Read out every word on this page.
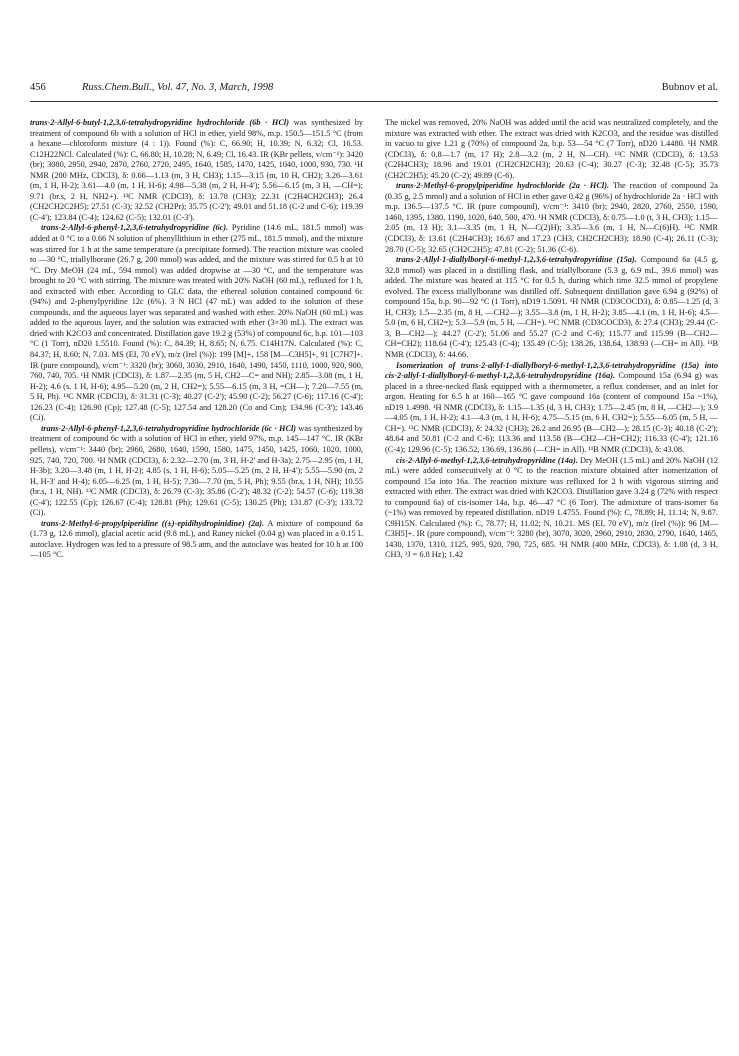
456	Russ.Chem.Bull., Vol. 47, No. 3, March, 1998	Bubnov et al.

trans-2-Allyl-6-butyl-1,2,3,6-tetrahydropyridine hydrochloride (6b · HCl) was synthesized by treatment of compound 6b with a solution of HCl in ether, yield 98%, m.p. 150.5—151.5 °C (from a hexane—chloroform mixture (4 : 1)). Found (%): C, 66.90; H, 10.39; N, 6.32; Cl, 16.53. C12H22NCl. Calculated (%): C, 66.80; H, 10.28; N, 6.49; Cl, 16.43. IR (KBr pellets, v/cm⁻¹): 3420 (br); 3080, 2950, 2940, 2870, 2760, 2720, 2495, 1640, 1585, 1470, 1425, 1040, 1000, 930, 730. ¹H NMR (200 MHz, CDCl3), δ: 0.66—1.13 (m, 3 H, CH3); 1.15—3.15 (m, 10 H, CH2); 3.26—3.61 (m, 1 H, H-2); 3.61—4.0 (m, 1 H, H-6); 4.98—5.38 (m, 2 H, H-4'); 5.56—6.15 (m, 3 H, —CH=); 9.71 (br.s, 2 H, NH2+). ¹³C NMR (CDCl3), δ: 13.78 (CH3); 22.31 (C2H4CH2CH3); 26.4 (CH2CH2C2H5); 27.51 (C-3); 32.52 (CH2Pr); 35.75 (C-2'); 49.01 and 51.18 (C-2 and C-6); 119.39 (C-4'); 123.84 (C-4); 124.62 (C-5); 132.01 (C-3').

trans-2-Allyl-6-phenyl-1,2,3,6-tetrahydropyridine (6c). Pyridine (14.6 mL, 181.5 mmol) was added at 0 °C to a 0.66 N solution of phenyllithium in ether (275 mL, 181.5 mmol), and the mixture was stirred for 1 h at the same temperature (a precipitate formed). The reaction mixture was cooled to —30 °C, triallylborane (26.7 g, 200 mmol) was added, and the mixture was stirred for 0.5 h at 10 °C. Dry MeOH (24 mL, 594 mmol) was added dropwise at —30 °C, and the temperature was brought to 20 °C with stirring. The mixture was treated with 20% NaOH (60 mL), refluxed for 1 h, and extracted with ether. According to GLC data, the ethereal solution contained compound 6c (94%) and 2-phenylpyridine 12c (6%). 3 N HCl (47 mL) was added to the solution of these compounds, and the aqueous layer was separated and washed with ether. 20% NaOH (60 mL) was added to the aqueous layer, and the solution was extracted with ether (3×30 mL). The extract was dried with K2CO3 and concentrated. Distillation gave 19.2 g (53%) of compound 6c, b.p. 101—103 °C (1 Torr), nD20 1.5510. Found (%): C, 84.39; H, 8.65; N, 6.75. C14H17N. Calculated (%): C, 84.37; H, 8.60; N, 7.03. MS (EI, 70 eV), m/z (Irel (%)): 199 [M]+, 158 [M—C3H5]+, 91 [C7H7]+. IR (pure compound), v/cm⁻¹: 3320 (br); 3060, 3030, 2910, 1640, 1490, 1450, 1110, 1000, 920, 900, 760, 740, 705. ¹H NMR (CDCl3), δ: 1.87—2.35 (m, 5 H, CH2—C= and NH); 2.85—3.08 (m, 1 H, H-2); 4.6 (s, 1 H, H-6); 4.95—5.20 (m, 2 H, CH2=); 5.55—6.15 (m, 3 H, =CH—); 7.20—7.55 (m, 5 H, Ph). ¹³C NMR (CDCl3), δ: 31.31 (C-3); 40.27 (C-2'); 45.90 (C-2); 56.27 (C-6); 117.16 (C-4'); 126.23 (C-4); 126.90 (Cp); 127.48 (C-5); 127.54 and 128.20 (Co and Cm); 134.96 (C-3'); 143.46 (Ci).

trans-2-Allyl-6-phenyl-1,2,3,6-tetrahydropyridine hydrochloride (6c · HCl) was synthesized by treatment of compound 6c with a solution of HCl in ether, yield 97%, m.p. 145—147 °C. IR (KBr pellets), v/cm⁻¹: 3440 (br); 2960, 2680, 1640, 1590, 1580, 1475, 1450, 1425, 1060, 1020, 1000, 925, 740, 720, 700. ¹H NMR (CDCl3), δ: 2.32—2.70 (m, 3 H, H-2' and H-3a); 2.75—2.95 (m, 1 H, H-3b); 3.20—3.48 (m, 1 H, H-2); 4.85 (s, 1 H, H-6); 5.05—5.25 (m, 2 H, H-4'); 5.55—5.90 (m, 2 H, H-3' and H-4); 6.05—6.25 (m, 1 H, H-5); 7.30—7.70 (m, 5 H, Ph); 9.55 (br.s, 1 H, NH); 10.55 (br.s, 1 H, NH). ¹³C NMR (CDCl3), δ: 26.79 (C-3); 35.86 (C-2'); 48.32 (C-2); 54.57 (C-6); 119.38 (C-4'); 122.55 (Cp); 126.67 (C-4); 128.81 (Ph); 129.61 (C-5); 130.25 (Ph); 131.87 (C-3'); 133.72 (Ci).

trans-2-Methyl-6-propylpiperidine ((±)-epidihydropinidine) (2a). A mixture of compound 6a (1.73 g, 12.6 mmol), glacial acetic acid (9.8 mL), and Raney nickel (0.04 g) was placed in a 0.15 L autoclave. Hydrogen was fed to a pressure of 98.5 atm, and the autoclave was heated for 10 h at 100—105 °C.

The nickel was removed, 20% NaOH was added until the acid was neutralized completely, and the mixture was extracted with ether. The extract was dried with K2CO3, and the residue was distilled in vacuo to give 1.21 g (70%) of compound 2a, b.p. 53—54 °C (7 Torr), nD20 1.4480. ¹H NMR (CDCl3), δ: 0.8—1.7 (m, 17 H); 2.8—3.2 (m, 2 H, N—CH). ¹³C NMR (CDCl3), δ: 13.53 (C2H4CH3); 18.96 and 19.01 (CH2CH2CH3); 20.63 (C-4); 30.27 (C-3); 32.48 (C-5); 35.73 (CH2C2H5); 45.20 (C-2); 49.89 (C-6).

trans-2-Methyl-6-propylpiperidine hydrochloride (2a · HCl). The reaction of compound 2a (0.35 g, 2.5 mmol) and a solution of HCl in ether gave 0.42 g (96%) of hydrochloride 2a · HCl with m.p. 136.5—137.5 °C. IR (pure compound), v/cm⁻¹: 3410 (br); 2940, 2820, 2760, 2550, 1590, 1460, 1395, 1380, 1190, 1020, 640, 500, 470. ¹H NMR (CDCl3), δ: 0.75—1.0 (t, 3 H, CH3); 1.15—2.05 (m, 13 H); 3.1—3.35 (m, 1 H, N—C(2)H); 3.35—3.6 (m, 1 H, N—C(6)H). ¹³C NMR (CDCl3), δ: 13.61 (C2H4CH3); 16.67 and 17.23 (CH3, CH2CH2CH3); 18.90 (C-4); 26.11 (C-3); 28.70 (C-5); 32.65 (CH2C2H5); 47.81 (C-2); 51.36 (C-6).

trans-2-Allyl-1-diallylboryl-6-methyl-1,2,3,6-tetrahydropyridine (15a). Compound 6a (4.5 g, 32.8 mmol) was placed in a distilling flask, and triallylborane (5.3 g, 6.9 mL, 39.6 mmol) was added. The mixture was heated at 115 °C for 0.5 h, during which time 32.5 mmol of propylene evolved. The excess triallylborane was distilled off. Subsequent distillation gave 6.94 g (92%) of compound 15a, b.p. 90—92 °C (1 Torr), nD19 1.5091. ¹H NMR (CD3COCD3), δ: 0.85—1.25 (d, 3 H, CH3); 1.5—2.35 (m, 8 H, —CH2—); 3.55—3.8 (m, 1 H, H-2); 3.85—4.1 (m, 1 H, H-6); 4.5—5.0 (m, 6 H, CH2=); 5.3—5.9 (m, 5 H, —CH=). ¹³C NMR (CD3COCD3), δ: 27.4 (CH3); 29.44 (C-3, B—CH2—); 44.27 (C-2'); 51.06 and 55.27 (C-2 and C-6); 115.77 and 115.99 (B—CH2—CH=CH2); 118.64 (C-4'); 125.43 (C-4); 135.49 (C-5); 138.26, 138.64, 138.93 (—CH= in All). ¹¹B NMR (CDCl3), δ: 44.66.

Isomerization of trans-2-allyl-1-diallylboryl-6-methyl-1,2,3,6-tetrahydropyridine (15a) into cis-2-allyl-1-diallylboryl-6-methyl-1,2,3,6-tetrahydropyridine (16a). Compound 15a (6.94 g) was placed in a three-necked flask equipped with a thermometer, a reflux condenser, and an inlet for argon. Heating for 6.5 h at 160—165 °C gave compound 16a (content of compound 15a ~1%), nD19 1.4998. ¹H NMR (CDCl3), δ: 1.15—1.35 (d, 3 H, CH3); 1.75—2.45 (m, 8 H, —CH2—); 3.9—4.05 (m, 1 H, H-2); 4.1—4.3 (m, 1 H, H-6); 4.75—5.15 (m, 6 H, CH2=); 5.55—6.05 (m, 5 H, —CH=). ¹³C NMR (CDCl3), δ: 24.32 (CH3); 26.2 and 26.95 (B—CH2—); 28.15 (C-3); 40.18 (C-2'); 48.64 and 50.81 (C-2 and C-6); 113.36 and 113.58 (B—CH2—CH=CH2); 116.33 (C-4'); 121.16 (C-4); 129.96 (C-5); 136.52, 136.69, 136.86 (—CH= in All). ¹¹B NMR (CDCl3), δ: 43.08.

cis-2-Allyl-6-methyl-1,2,3,6-tetrahydropyridine (14a). Dry MeOH (1.5 mL) and 20% NaOH (12 mL) were added consecutively at 0 °C to the reaction mixture obtained after isomerization of compound 15a into 16a. The reaction mixture was refluxed for 2 h with vigorous stirring and extracted with ether. The extract was dried with K2CO3. Distillation gave 3.24 g (72% with respect to compound 6a) of cis-isomer 14a, b.p. 46—47 °C (6 Torr). The admixture of trans-isomer 6a (~1%) was removed by repeated distillation. nD19 1.4755. Found (%): C, 78.89; H, 11.14; N, 9.87. C9H15N. Calculated (%): C, 78.77; H, 11.02; N, 10.21. MS (EI, 70 eV), m/z (Irel (%)): 96 [M—C3H5]+. IR (pure compound), v/cm⁻¹: 3280 (br), 3070, 3020, 2960, 2910, 2830, 2790, 1640, 1465, 1430, 1370, 1310, 1125, 995, 920, 790, 725, 685. ¹H NMR (400 MHz, CDCl3), δ: 1.08 (d, 3 H, CH3, ³J = 6.8 Hz); 1.42
